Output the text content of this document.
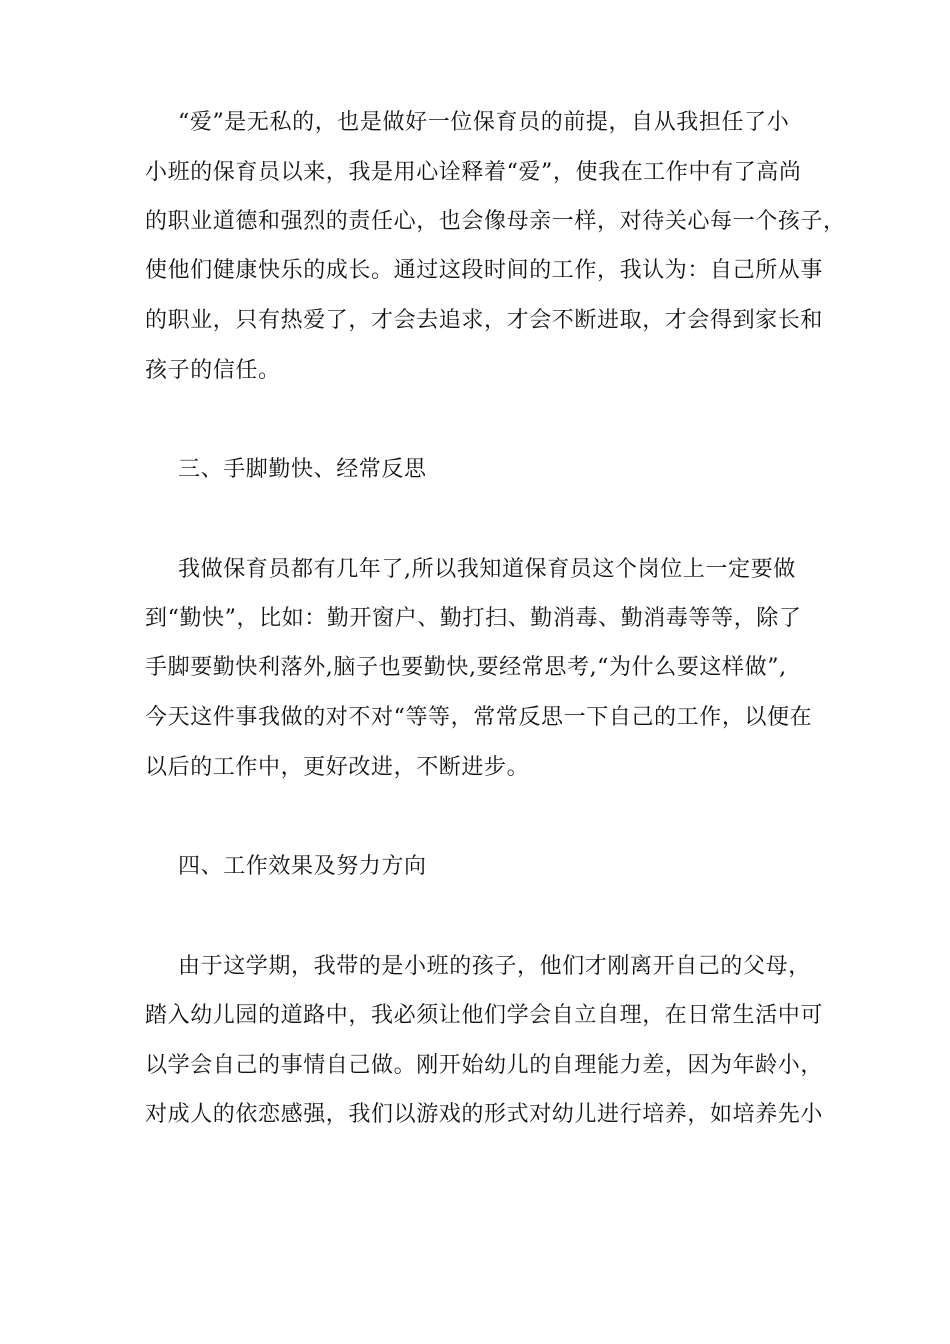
“爱”是无私的，也是做好一位保育员的前提，自从我担任了小
小班的保育员以来，我是用心诠释着“爱”，使我在工作中有了高尚
的职业道德和强烈的责任心，也会像母亲一样，对待关心每一个孩子，
使他们健康快乐的成长。通过这段时间的工作，我认为：自己所从事
的职业，只有热爱了，才会去追求，才会不断进取，才会得到家长和
孩子的信任。
三、手脚勤快、经常反思
我做保育员都有几年了,所以我知道保育员这个岗位上一定要做
到“勤快”，比如：勤开窗户、勤打扫、勤消毒、勤消毒等等，除了
手脚要勤快利落外,脑子也要勤快,要经常思考,“为什么要这样做”,
今天这件事我做的对不对“等等，常常反思一下自己的工作，以便在
以后的工作中，更好改进，不断进步。
四、工作效果及努力方向
由于这学期，我带的是小班的孩子，他们才刚离开自己的父母，
踏入幼儿园的道路中，我必须让他们学会自立自理，在日常生活中可
以学会自己的事情自己做。刚开始幼儿的自理能力差，因为年龄小，
对成人的依恋感强，我们以游戏的形式对幼儿进行培养，如培养先小
